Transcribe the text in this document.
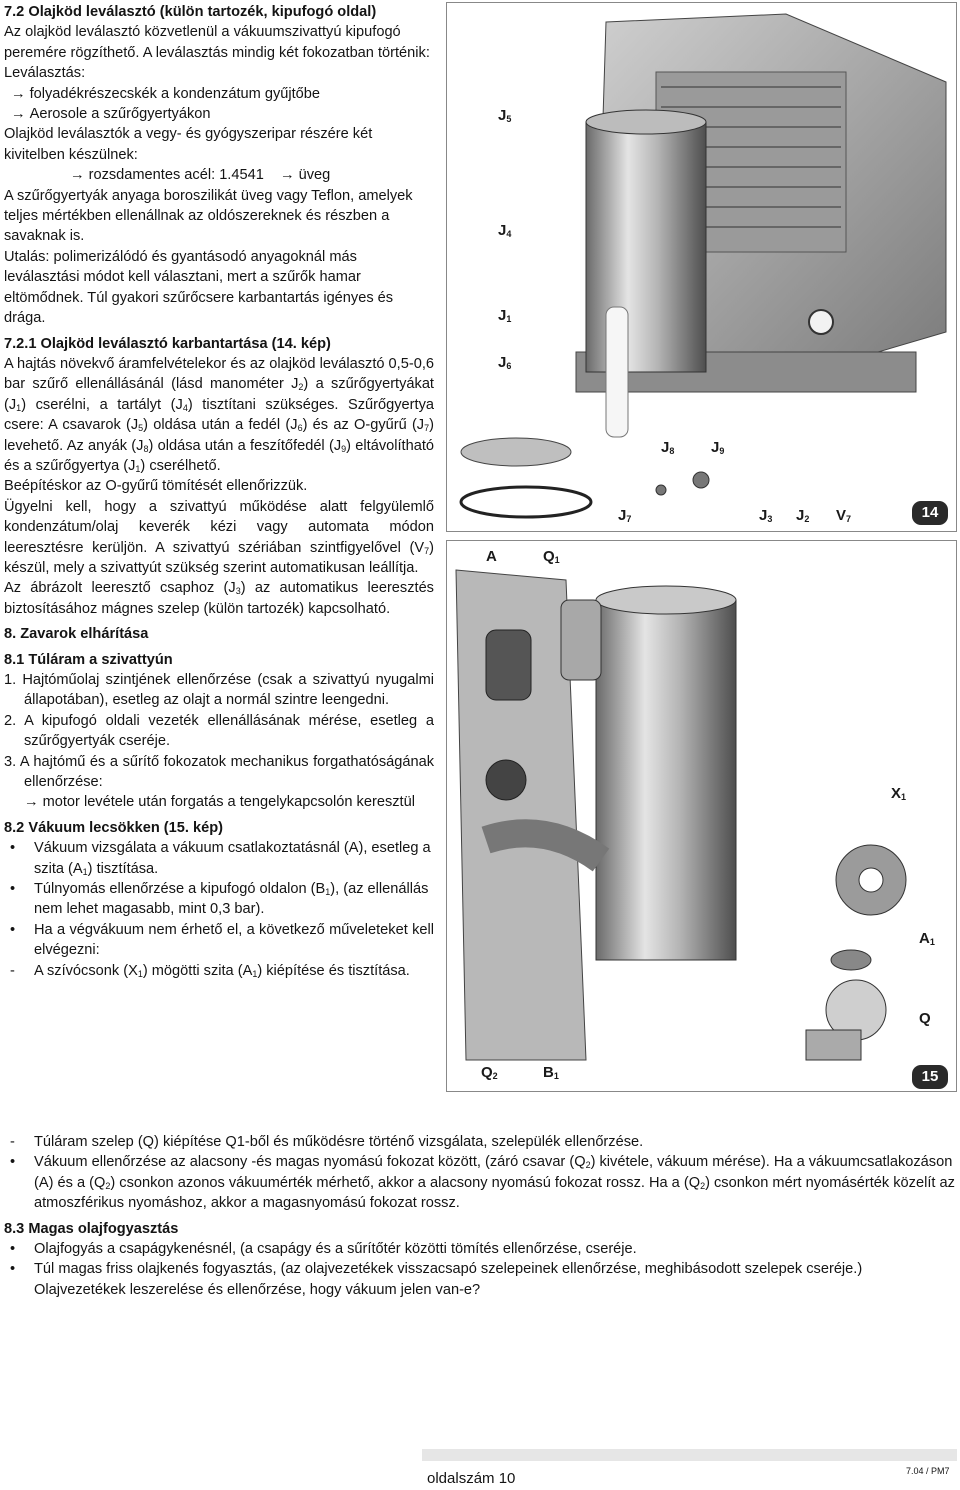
7.2 Olajköd leválasztó (külön tartozék, kipufogó oldal)

Az olajköd leválasztó közvetlenül a vákuumszivattyú kipufogó peremére rögzíthető. A leválasztás mindig két fokozatban történik:

Leválasztás:

→ folyadékrészecskék a kondenzátum gyűjtőbe
→ Aerosole a szűrőgyertyákon

Olajköd leválasztók a vegy- és gyógyszeripar részére két kivitelben készülnek:

→ rozsdamentes acél: 1.4541    → üveg

A szűrőgyertyák anyaga boroszilikát üveg vagy Teflon, amelyek teljes mértékben ellenállnak az oldószereknek és részben a savaknak is.

Utalás: polimerizálódó és gyantásodó anyagoknál más leválasztási módot kell választani, mert a szűrők hamar eltömődnek. Túl gyakori szűrőcsere karbantartás igényes és drága.

7.2.1 Olajköd leválasztó karbantartása (14. kép)

A hajtás növekvő áramfelvételekor és az olajköd leválasztó 0,5-0,6 bar szűrő ellenállásánál (lásd manométer $J_2$) a szűrőgyertyákat $(J_1)$ cserélni, a tartályt $(J_4)$ tisztítani szükséges. Szűrőgyertya csere: A csavarok $(J_5)$ oldása után a fedél $(J_6)$ és az O-gyűrű $(J_7)$ levehető. Az anyák $(J_8)$ oldása után a feszítőfedél $(J_9)$ eltávolítható és a szűrőgyertya $(J_1)$ cserélhető.

Beépítéskor az O-gyűrű tömítését ellenőrizzük.

Ügyelni kell, hogy a szivattyú működése alatt felgyülemlő kondenzátum/olaj keverék kézi vagy automata módon leeresztésre kerüljön. A szivattyú szériában szintfigyelővel $(V_7)$ készül, mely a szivattyút szükség szerint automatikusan leállítja.

Az ábrázolt leeresztő csaphoz $(J_3)$ az automatikus leeresztés biztosításához mágnes szelep (külön tartozék) kapcsolható.

8. Zavarok elhárítása
8.1 Túláram a szivattyún
1. Hajtóműolaj szintjének ellenőrzése (csak a szivattyú nyugalmi állapotában), esetleg az olajt a normál szintre leengedni.
2. A kipufogó oldali vezeték ellenállásának mérése, esetleg a szűrőgyertyák cseréje.
3. A hajtómű és a sűrítő fokozatok mechanikus forgathatóságának ellenőrzése:
→ motor levétele után forgatás a tengelykapcsolón keresztül
8.2 Vákuum lecsökken (15. kép)
• Vákuum vizsgálata a vákuum csatlakoztatásnál (A), esetleg a szita $(A_1)$ tisztítása.
• Túlnyomás ellenőrzése a kipufogó oldalon $(B_1)$, (az ellenállás nem lehet magasabb, mint 0,3 bar).
• Ha a végvákuum nem érhető el, a következő műveleteket kell elvégezni:
- A szívócsonk $(X_1)$ mögötti szita $(A_1)$ kiépítése és tisztítása.
- Túláram szelep (Q) kiépítése Q1-ből és működésre történő vizsgálata, szelepülék ellenőrzése.
• Vákuum ellenőrzése az alacsony -és magas nyomású fokozat között, (záró csavar $(Q_2)$ kivétele, vákuum mérése). Ha a vákuumcsatlakozáson (A) és a $(Q_2)$ csonkon azonos vákuumérték mérhető, akkor a alacsony nyomású fokozat rossz. Ha a $(Q_2)$ csonkon mért nyomásérték közelít az atmoszférikus nyomáshoz, akkor a magasnyomású fokozat rossz.
8.3 Magas olajfogyasztás
• Olajfogyás a csapágykenésnél, (a csapágy és a sűrítőtér közötti tömítés ellenőrzése, cseréje.
• Túl magas friss olajkenés fogyasztás, (az olajvezetékek visszacsapó szelepeinek ellenőrzése, meghibásodott szelepek cseréje.) Olajvezetékek leszerelése és ellenőrzése, hogy vákuum jelen van-e?
$J_5$
$J_4$
$J_1$
$J_6$
$J_8$ $J_9$
$J_7$	$J_3$ $J_2$ $V_7$	14
A	$Q_1$
$X_1$
$A_1$
Q
$Q_2$	$B_1$	15
oldalszám 10	7.04 / PM7
